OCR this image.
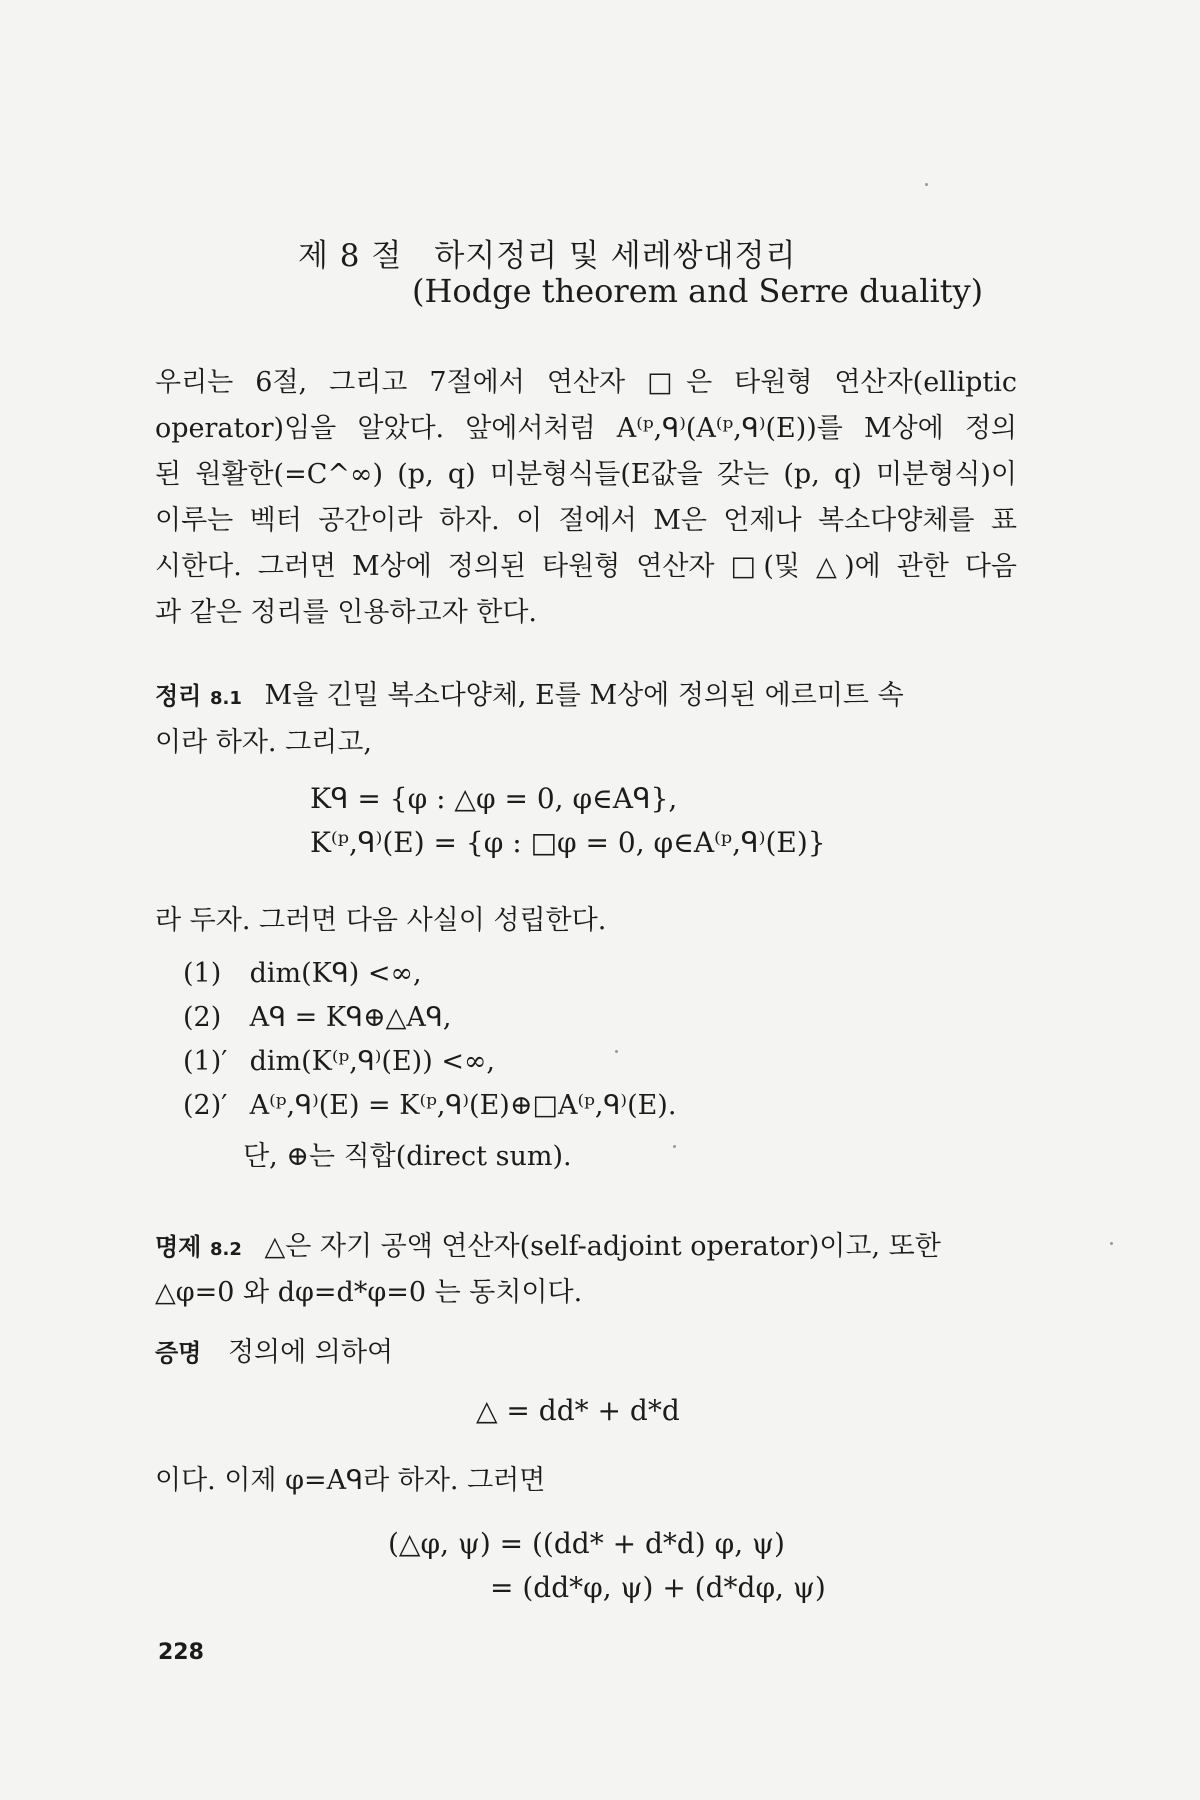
제 8 절　하지정리 및 세레쌍대정리
(Hodge theorem and Serre duality)
우리는 6절, 그리고 7절에서 연산자 □은 타원형 연산자(elliptic
operator)임을 알았다. 앞에서처럼 A⁽ᵖ,ᑫ⁾(A⁽ᵖ,ᑫ⁾(E))를 M상에 정의
된 원활한(=C^∞) (p, q) 미분형식들(E값을 갖는 (p, q) 미분형식)이
이루는 벡터 공간이라 하자. 이 절에서 M은 언제나 복소다양체를 표
시한다. 그러면 M상에 정의된 타원형 연산자 □(및 △)에 관한 다음
과 같은 정리를 인용하고자 한다.
정리 8.1 M을 긴밀 복소다양체, E를 M상에 정의된 에르미트 속
이라 하자. 그리고,
Kᑫ = {φ : △φ = 0, φ∈Aᑫ},
K⁽ᵖ,ᑫ⁾(E) = {φ : □φ = 0, φ∈A⁽ᵖ,ᑫ⁾(E)}
라 두자. 그러면 다음 사실이 성립한다.
(1) dim(Kᑫ) <∞,
(2) Aᑫ = Kᑫ⊕△Aᑫ,
(1)′ dim(K⁽ᵖ,ᑫ⁾(E)) <∞,
(2)′ A⁽ᵖ,ᑫ⁾(E) = K⁽ᵖ,ᑫ⁾(E)⊕□A⁽ᵖ,ᑫ⁾(E).
단, ⊕는 직합(direct sum).
명제 8.2 △은 자기 공액 연산자(self-adjoint operator)이고, 또한
△φ=0 와 dφ=d*φ=0 는 동치이다.
증명 정의에 의하여
△ = dd* + d*d
이다. 이제 φ=Aᑫ라 하자. 그러면
(△φ, ψ) = ((dd* + d*d) φ, ψ)
= (dd*φ, ψ) + (d*dφ, ψ)
228
